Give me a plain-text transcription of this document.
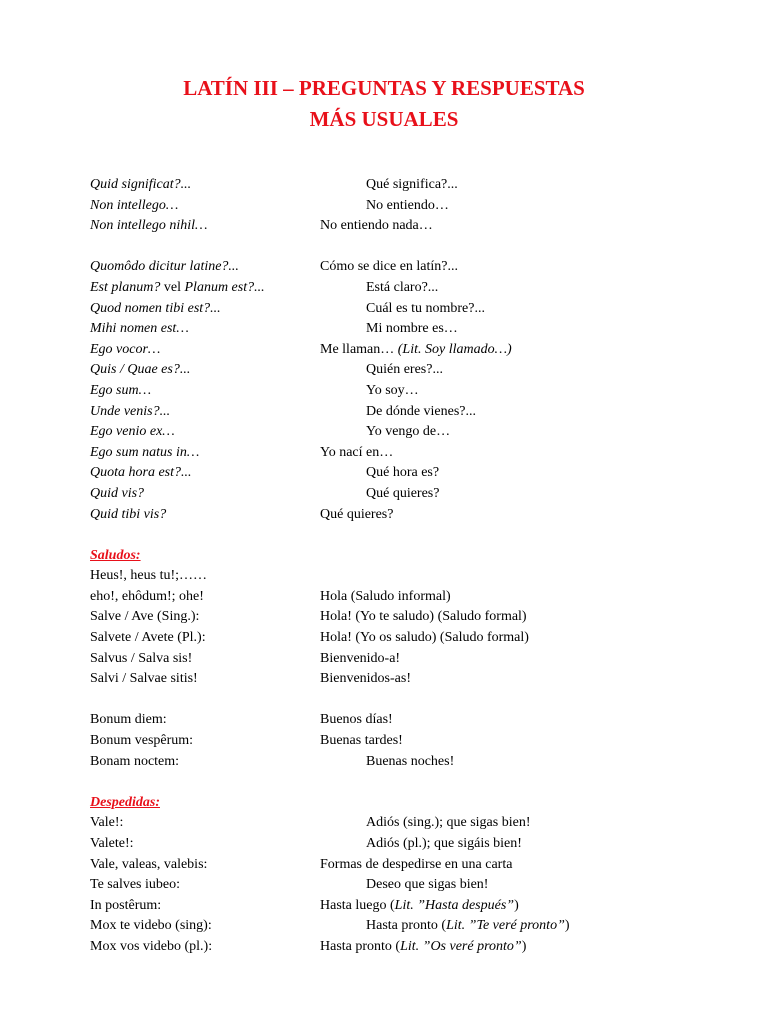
LATÍN III – PREGUNTAS Y RESPUESTAS
MÁS USUALES
Quid significat?...	Qué significa?...
Non intellego…	No entiendo…
Non intellego nihil…	No entiendo nada…
Quomôdo dicitur latine?...	Cómo se dice en latín?...
Est planum? vel Planum est?...	Está claro?...
Quod nomen tibi est?...	Cuál es tu nombre?...
Mihi nomen est…	Mi nombre es…
Ego vocor…	Me llaman… (Lit. Soy llamado…)
Quis / Quae es?...	Quién eres?...
Ego sum…	Yo soy…
Unde venis?...	De dónde vienes?...
Ego venio ex…	Yo vengo de…
Ego sum natus in…	Yo nací en…
Quota hora est?...	Qué hora es?
Quid vis?	Qué quieres?
Quid tibi vis?	Qué quieres?
Saludos:
Heus!, heus tu!;……
eho!, ehôdum!; ohe!	Hola (Saludo informal)
Salve / Ave (Sing.):	Hola! (Yo te saludo) (Saludo formal)
Salvete / Avete (Pl.):	Hola! (Yo os saludo) (Saludo formal)
Salvus / Salva sis!	Bienvenido-a!
Salvi / Salvae sitis!	Bienvenidos-as!
Bonum diem:	Buenos días!
Bonum vespêrum:	Buenas tardes!
Bonam noctem:	Buenas noches!
Despedidas:
Vale!:	Adiós (sing.); que sigas bien!
Valete!:	Adiós (pl.); que sigáis bien!
Vale, valeas, valebis:	Formas de despedirse en una carta
Te salves iubeo:	Deseo que sigas bien!
In postêrum:	Hasta luego (Lit. ”Hasta después”)
Mox te videbo (sing):	Hasta pronto (Lit. ”Te veré pronto”)
Mox vos videbo (pl.):	Hasta pronto (Lit. ”Os veré pronto”)
